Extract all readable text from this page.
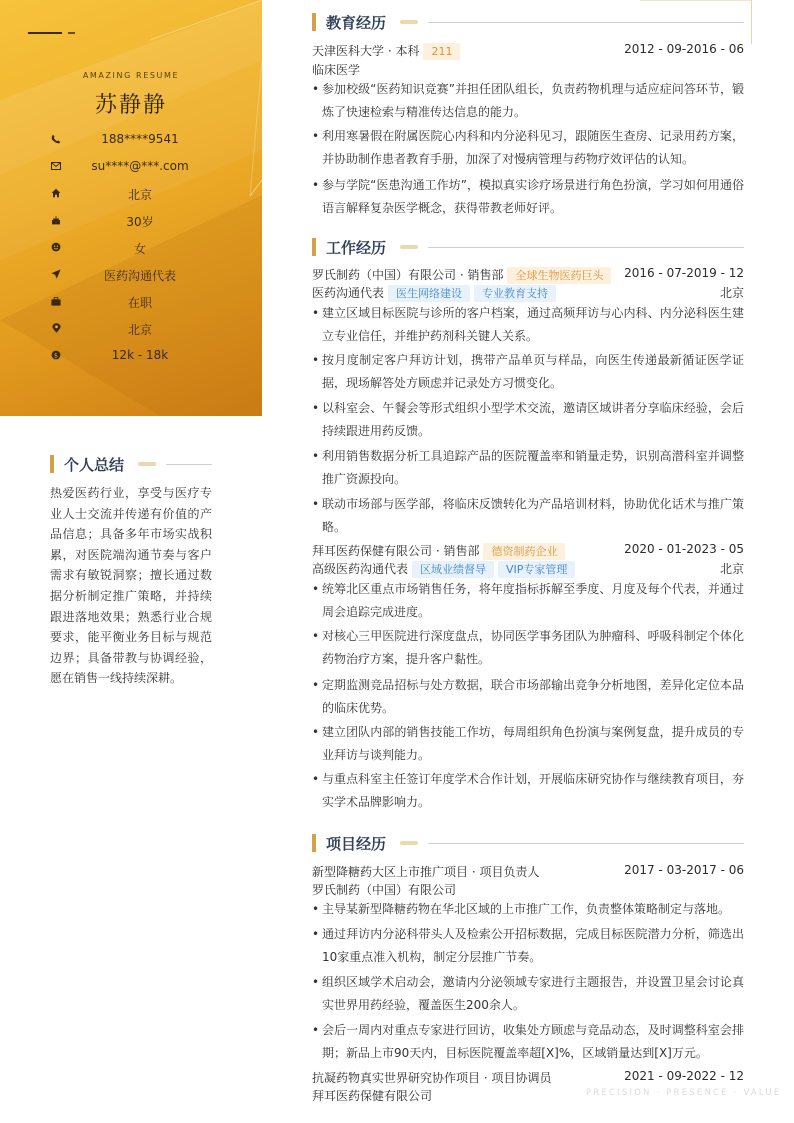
AMAZING RESUME
苏静静
188****9541
su****@***.com
北京
30岁
女
医药沟通代表
在职
北京
$	12k - 18k
个人总结
热爱医药行业，享受与医疗专业人士交流并传递有价值的产品信息；具备多年市场实战积累，对医院端沟通节奏与客户需求有敏锐洞察；擅长通过数据分析制定推广策略，并持续跟进落地效果；熟悉行业合规要求，能平衡业务目标与规范边界；具备带教与协调经验，愿在销售一线持续深耕。
教育经历
天津医科大学 · 本科 211	2012 - 09-2016 - 06
临床医学
• 参加校级“医药知识竞赛”并担任团队组长，负责药物机理与适应症问答环节，锻炼了快速检索与精准传达信息的能力。
• 利用寒暑假在附属医院心内科和内分泌科见习，跟随医生查房、记录用药方案，并协助制作患者教育手册，加深了对慢病管理与药物疗效评估的认知。
• 参与学院“医患沟通工作坊”，模拟真实诊疗场景进行角色扮演，学习如何用通俗语言解释复杂医学概念，获得带教老师好评。
工作经历
罗氏制药（中国）有限公司 · 销售部 全球生物医药巨头 2016 - 07-2019 - 12
医药沟通代表 医生网络建设 专业教育支持	北京
• 建立区域目标医院与诊所的客户档案，通过高频拜访与心内科、内分泌科医生建立专业信任，并维护药剂科关键人关系。
• 按月度制定客户拜访计划，携带产品单页与样品，向医生传递最新循证医学证据，现场解答处方顾虑并记录处方习惯变化。
• 以科室会、午餐会等形式组织小型学术交流，邀请区域讲者分享临床经验，会后持续跟进用药反馈。
• 利用销售数据分析工具追踪产品的医院覆盖率和销量走势，识别高潜科室并调整推广资源投向。
• 联动市场部与医学部，将临床反馈转化为产品培训材料，协助优化话术与推广策略。
拜耳医药保健有限公司 · 销售部 德资制药企业	2020 - 01-2023 - 05
高级医药沟通代表 区域业绩督导 VIP专家管理	北京
• 统筹北区重点市场销售任务，将年度指标拆解至季度、月度及每个代表，并通过周会追踪完成进度。
• 对核心三甲医院进行深度盘点，协同医学事务团队为肿瘤科、呼吸科制定个体化药物治疗方案，提升客户黏性。
• 定期监测竞品招标与处方数据，联合市场部输出竞争分析地图，差异化定位本品的临床优势。
• 建立团队内部的销售技能工作坊，每周组织角色扮演与案例复盘，提升成员的专业拜访与谈判能力。
• 与重点科室主任签订年度学术合作计划，开展临床研究协作与继续教育项目，夯实学术品牌影响力。
项目经历
新型降糖药大区上市推广项目 · 项目负责人	2017 - 03-2017 - 06
罗氏制药（中国）有限公司
• 主导某新型降糖药物在华北区域的上市推广工作，负责整体策略制定与落地。
• 通过拜访内分泌科带头人及检索公开招标数据，完成目标医院潜力分析，筛选出10家重点准入机构，制定分层推广节奏。
• 组织区域学术启动会，邀请内分泌领域专家进行主题报告，并设置卫星会讨论真实世界用药经验，覆盖医生200余人。
• 会后一周内对重点专家进行回访，收集处方顾虑与竞品动态，及时调整科室会排期；新品上市90天内，目标医院覆盖率超[X]%，区域销量达到[X]万元。
抗凝药物真实世界研究协作项目 · 项目协调员	2021 - 09-2022 - 12
拜耳医药保健有限公司	PRECISION · PRESENCE · VALUE
